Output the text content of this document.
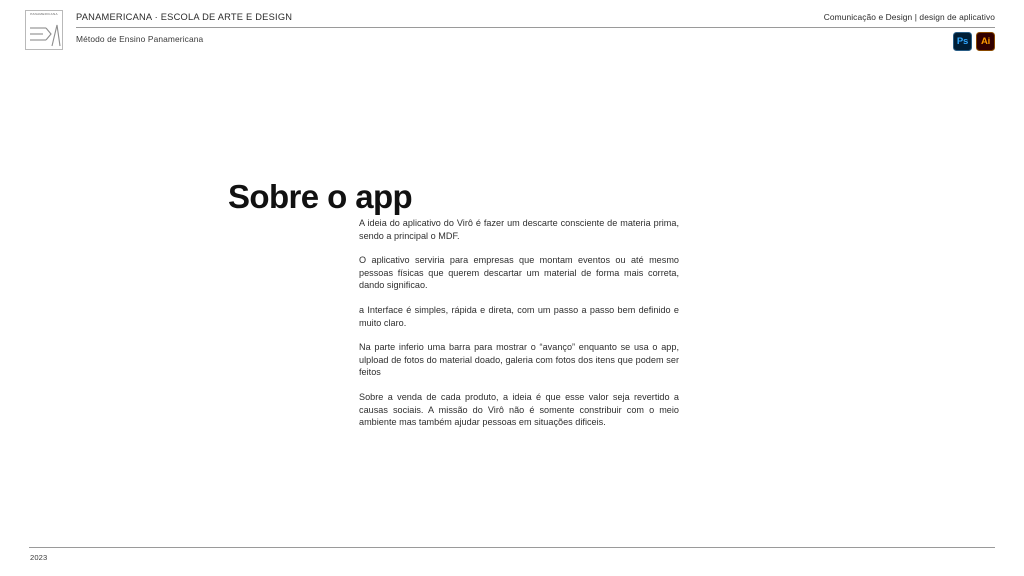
PANAMERICANA	PANAMERICANA · ESCOLA DE ARTE E DESIGN
Método de Ensino Panamericana
Comunicação e Design | design de aplicativo
Ps	Ai
Sobre o app

A ideia do aplicativo do Virô é fazer um descarte consciente de materia prima, sendo a principal o MDF.

O aplicativo serviria para empresas que montam eventos ou até mesmo pessoas físicas que querem descartar um material de forma mais correta, dando significao.

a Interface é simples, rápida e direta, com um passo a passo bem definido e muito claro.

Na parte inferio uma barra para mostrar o “avanço” enquanto se usa o app, ulpload de fotos do material doado, galeria com fotos dos itens que podem ser feitos

Sobre a venda de cada produto, a ideia é que esse valor seja revertido a causas sociais. A missão do Virô não é somente constribuir com o meio ambiente mas também ajudar pessoas em situações dificeis.

2023
